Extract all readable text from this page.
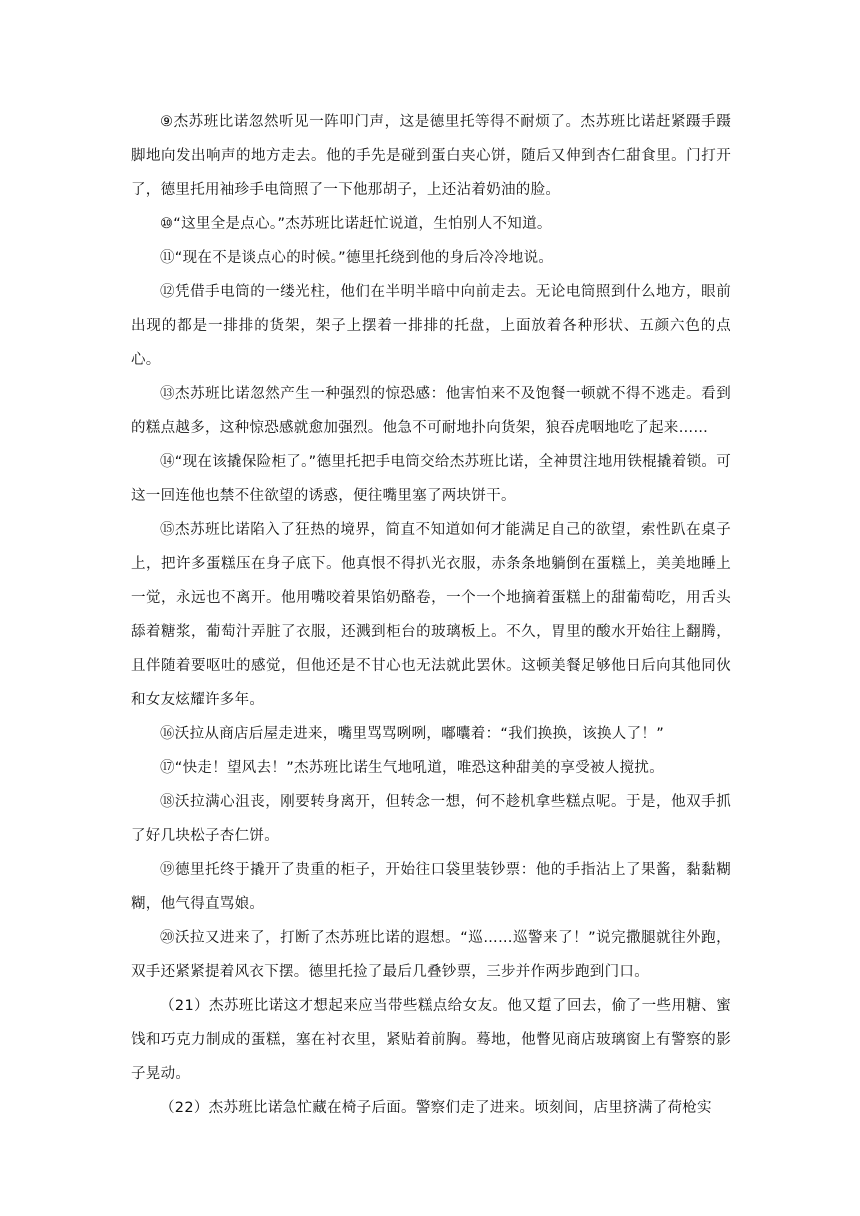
⑨杰苏班比诺忽然听见一阵叩门声，这是德里托等得不耐烦了。杰苏班比诺赶紧蹑手蹑脚地向发出响声的地方走去。他的手先是碰到蛋白夹心饼，随后又伸到杏仁甜食里。门打开了，德里托用袖珍手电筒照了一下他那胡子，上还沾着奶油的脸。

⑩“这里全是点心。”杰苏班比诺赶忙说道，生怕别人不知道。

⑪“现在不是谈点心的时候。”德里托绕到他的身后冷冷地说。

⑫凭借手电筒的一缕光柱，他们在半明半暗中向前走去。无论电筒照到什么地方，眼前出现的都是一排排的货架，架子上摆着一排排的托盘，上面放着各种形状、五颜六色的点心。

⑬杰苏班比诺忽然产生一种强烈的惊恐感：他害怕来不及饱餐一顿就不得不逃走。看到的糕点越多，这种惊恐感就愈加强烈。他急不可耐地扑向货架，狼吞虎咽地吃了起来……

⑭“现在该撬保险柜了。”德里托把手电筒交给杰苏班比诺，全神贯注地用铁棍撬着锁。可这一回连他也禁不住欲望的诱惑，便往嘴里塞了两块饼干。

⑮杰苏班比诺陷入了狂热的境界，简直不知道如何才能满足自己的欲望，索性趴在桌子上，把许多蛋糕压在身子底下。他真恨不得扒光衣服，赤条条地躺倒在蛋糕上，美美地睡上一觉，永远也不离开。他用嘴咬着果馅奶酪卷，一个一个地摘着蛋糕上的甜葡萄吃，用舌头舔着糖浆，葡萄汁弄脏了衣服，还溅到柜台的玻璃板上。不久，胃里的酸水开始往上翻腾，且伴随着要呕吐的感觉，但他还是不甘心也无法就此罢休。这顿美餐足够他日后向其他同伙和女友炫耀许多年。

⑯沃拉从商店后屋走进来，嘴里骂骂咧咧，嘟囔着：“我们换换，该换人了！”

⑰“快走！望风去！”杰苏班比诺生气地吼道，唯恐这种甜美的享受被人搅扰。

⑱沃拉满心沮丧，刚要转身离开，但转念一想，何不趁机拿些糕点呢。于是，他双手抓了好几块松子杏仁饼。

⑲德里托终于撬开了贵重的柜子，开始往口袋里装钞票：他的手指沾上了果酱，黏黏糊糊，他气得直骂娘。

⑳沃拉又进来了，打断了杰苏班比诺的遐想。“巡……巡警来了！”说完撒腿就往外跑，双手还紧紧提着风衣下摆。德里托捡了最后几叠钞票，三步并作两步跑到门口。

（21）杰苏班比诺这才想起来应当带些糕点给女友。他又踅了回去，偷了一些用糖、蜜饯和巧克力制成的蛋糕，塞在衬衣里，紧贴着前胸。蓦地，他瞥见商店玻璃窗上有警察的影子晃动。

（22）杰苏班比诺急忙藏在椅子后面。警察们走了进来。顷刻间，店里挤满了荷枪实
